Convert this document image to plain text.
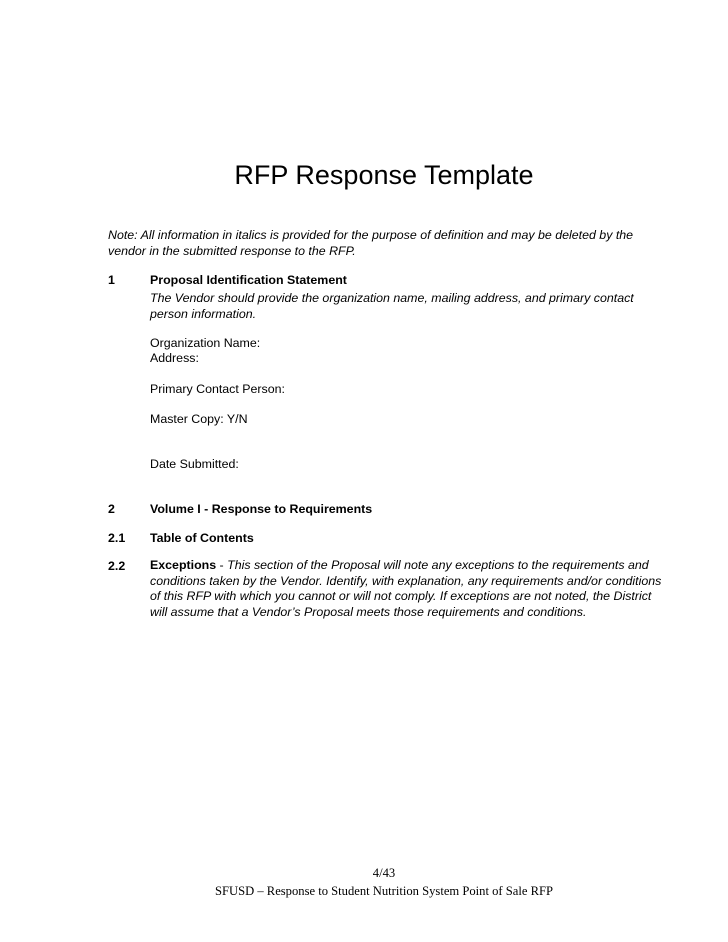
RFP Response Template
Note: All information in italics is provided for the purpose of definition and may be deleted by the vendor in the submitted response to the RFP.
1	Proposal Identification Statement
The Vendor should provide the organization name, mailing address, and primary contact person information.
Organization Name:
Address:
Primary Contact Person:
Master Copy: Y/N
Date Submitted:
2	Volume I - Response to Requirements
2.1 Table of Contents
2.2 Exceptions - This section of the Proposal will note any exceptions to the requirements and conditions taken by the Vendor. Identify, with explanation, any requirements and/or conditions of this RFP with which you cannot or will not comply. If exceptions are not noted, the District will assume that a Vendor’s Proposal meets those requirements and conditions.
4/43
SFUSD – Response to Student Nutrition System Point of Sale RFP
